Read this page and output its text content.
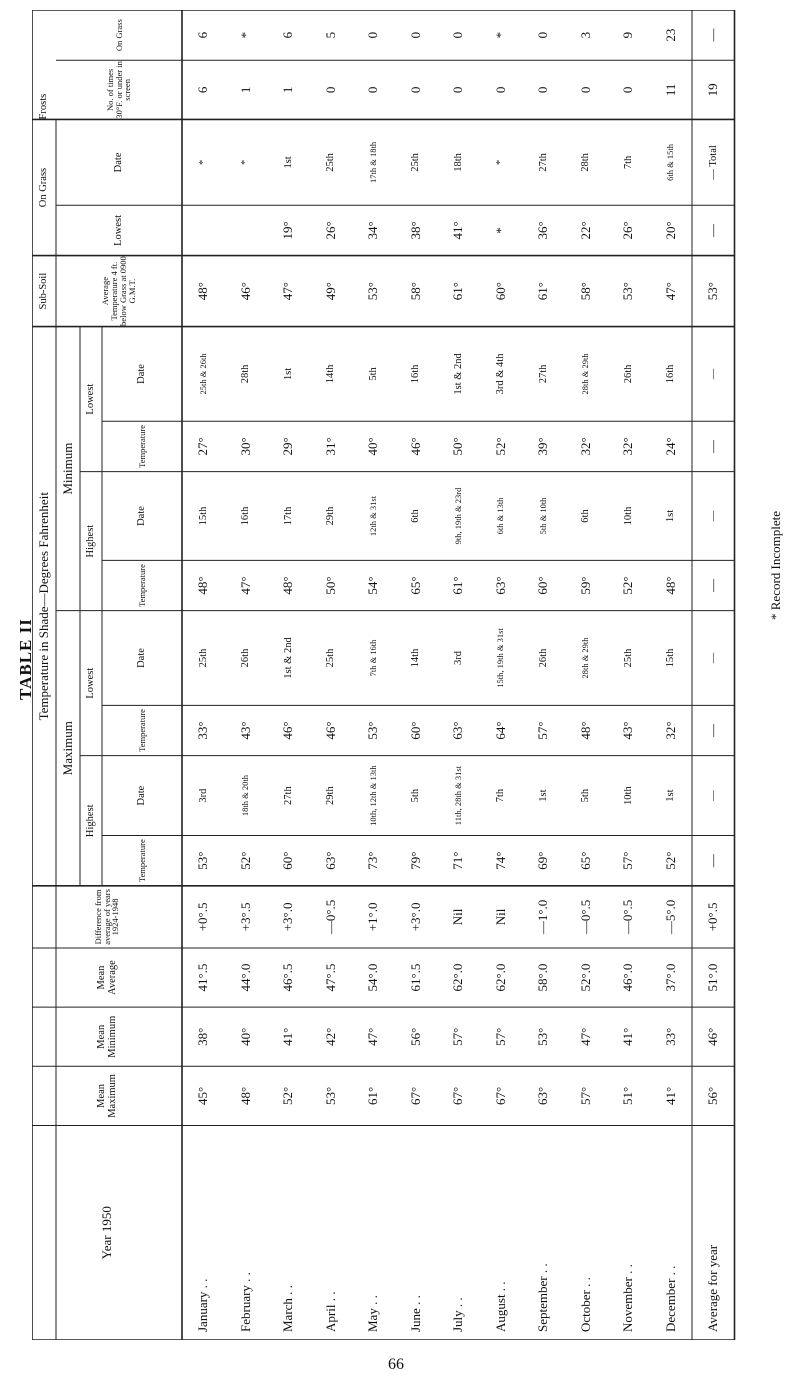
Year 1950
Mean Maximum
Mean Minimum
Mean Average
Difference from average of years 1924-1948
Temperature in Shade—Degrees Fahrenheit
Maximum
Minimum
Highest
Lowest
Highest
Lowest
Temperature
Date
Temperature
Date
Temperature
Date
Temperature
Date
Sub-Soil	Average Temperature 4 ft. below Grass at 0900 G.M.T.
On Grass
Lowest
Date
Frosts	No. of times 30°F. or under in screen
On Grass
January . .
45°
38°
41°.5
+0°.5
53°
3rd
33°
25th
48°
15th
27°
25th & 26th
48°
*
6
6
February . .
48°
40°
44°.0
+3°.5
52°
18th & 20th
43°
26th
47°
16th
30°
28th
46°
*
1
*
March . .
52°
41°
46°.5
+3°.0
60°
27th
46°
1st & 2nd
48°
17th
29°
1st
47°
19°
1st
1
6
April . .
53°
42°
47°.5
—0°.5
63°
29th
46°
25th
50°
29th
31°
14th
49°
26°
25th
0
5
May . .
61°
47°
54°.0
+1°.0
73°
10th, 12th & 13th
53°
7th & 16th
54°
12th & 31st
40°
5th
53°
34°
17th & 18th
0
0
June . .
67°
56°
61°.5
+3°.0
79°
5th
60°
14th
65°
6th
46°
16th
58°
38°
25th
0
0
July . .
67°
57°
62°.0
Nil
71°
11th, 28th & 31st
63°
3rd
61°
9th, 19th & 23rd
50°
1st & 2nd
61°
41°
18th
0
0
August . .
67°
57°
62°.0
Nil
74°
7th
64°
15th, 19th & 31st
63°
6th & 13th
52°
3rd & 4th
60°
*
*
0
*
September . .
63°
53°
58°.0
—1°.0
69°
1st
57°
26th
60°
5th & 10th
39°
27th
61°
36°
27th
0
0
October . .
57°
47°
52°.0
—0°.5
65°
5th
48°
28th & 29th
59°
6th
32°
28th & 29th
58°
22°
28th
0
3
November . .
51°
41°
46°.0
—0°.5
57°
10th
43°
25th
52°
10th
32°
26th
53°
26°
7th
0
9
December . .
41°
33°
37°.0
—5°.0
52°
1st
32°
15th
48°
1st
24°
16th
47°
20°
6th & 15th
11
23
Average for year
56°
46°
51°.0
+0°.5
—
—
—
—
—
—
—
—
53°
—
— Total
19
—
TABLE II
* Record Incomplete
66
